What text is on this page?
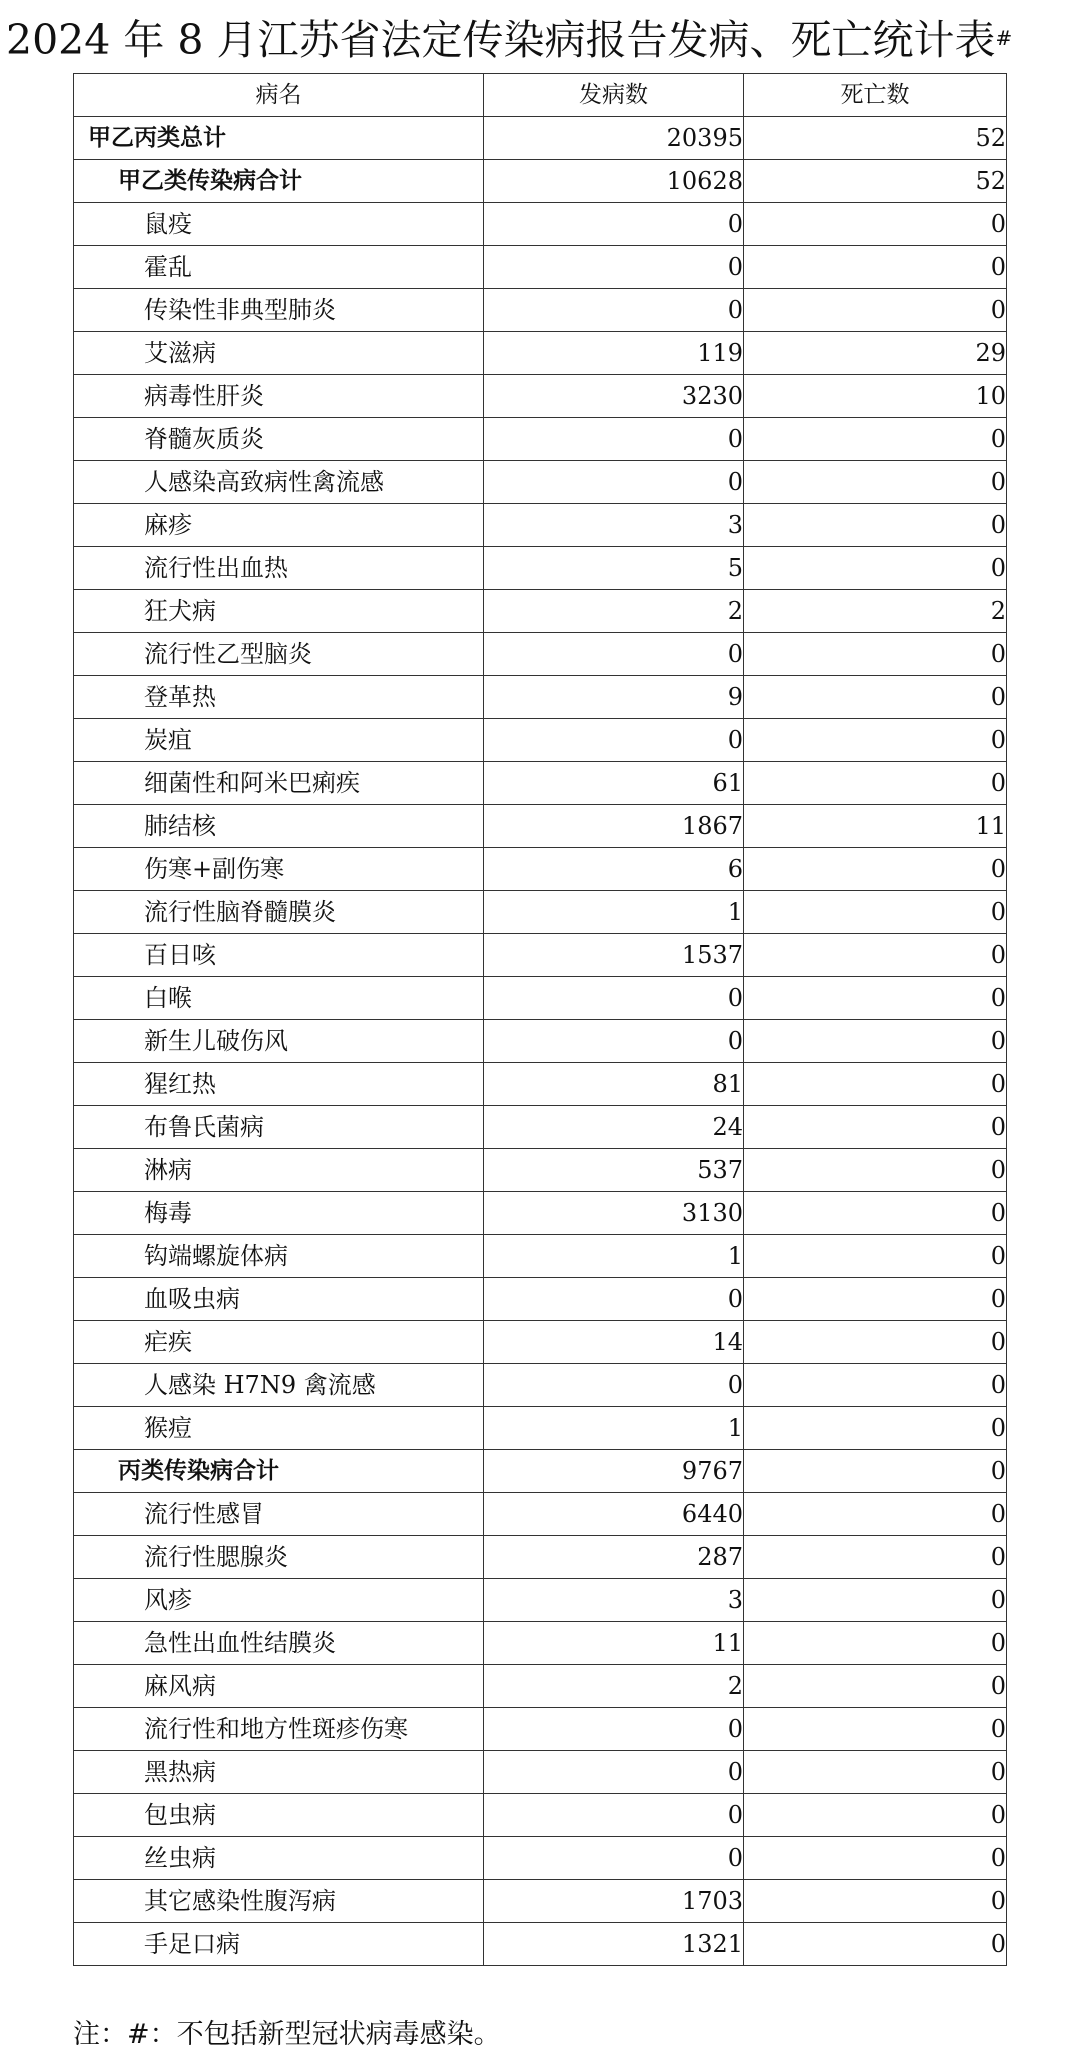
2024 年 8 月江苏省法定传染病报告发病、死亡统计表#
病名	发病数	死亡数
甲乙丙类总计	20395	52
甲乙类传染病合计	10628	52
鼠疫	0	0
霍乱	0	0
传染性非典型肺炎	0	0
艾滋病	119	29
病毒性肝炎	3230	10
脊髓灰质炎	0	0
人感染高致病性禽流感	0	0
麻疹	3	0
流行性出血热	5	0
狂犬病	2	2
流行性乙型脑炎	0	0
登革热	9	0
炭疽	0	0
细菌性和阿米巴痢疾	61	0
肺结核	1867	11
伤寒+副伤寒	6	0
流行性脑脊髓膜炎	1	0
百日咳	1537	0
白喉	0	0
新生儿破伤风	0	0
猩红热	81	0
布鲁氏菌病	24	0
淋病	537	0
梅毒	3130	0
钩端螺旋体病	1	0
血吸虫病	0	0
疟疾	14	0
人感染 H7N9 禽流感	0	0
猴痘	1	0
丙类传染病合计	9767	0
流行性感冒	6440	0
流行性腮腺炎	287	0
风疹	3	0
急性出血性结膜炎	11	0
麻风病	2	0
流行性和地方性斑疹伤寒	0	0
黑热病	0	0
包虫病	0	0
丝虫病	0	0
其它感染性腹泻病	1703	0
手足口病	1321	0
注：#：不包括新型冠状病毒感染。
